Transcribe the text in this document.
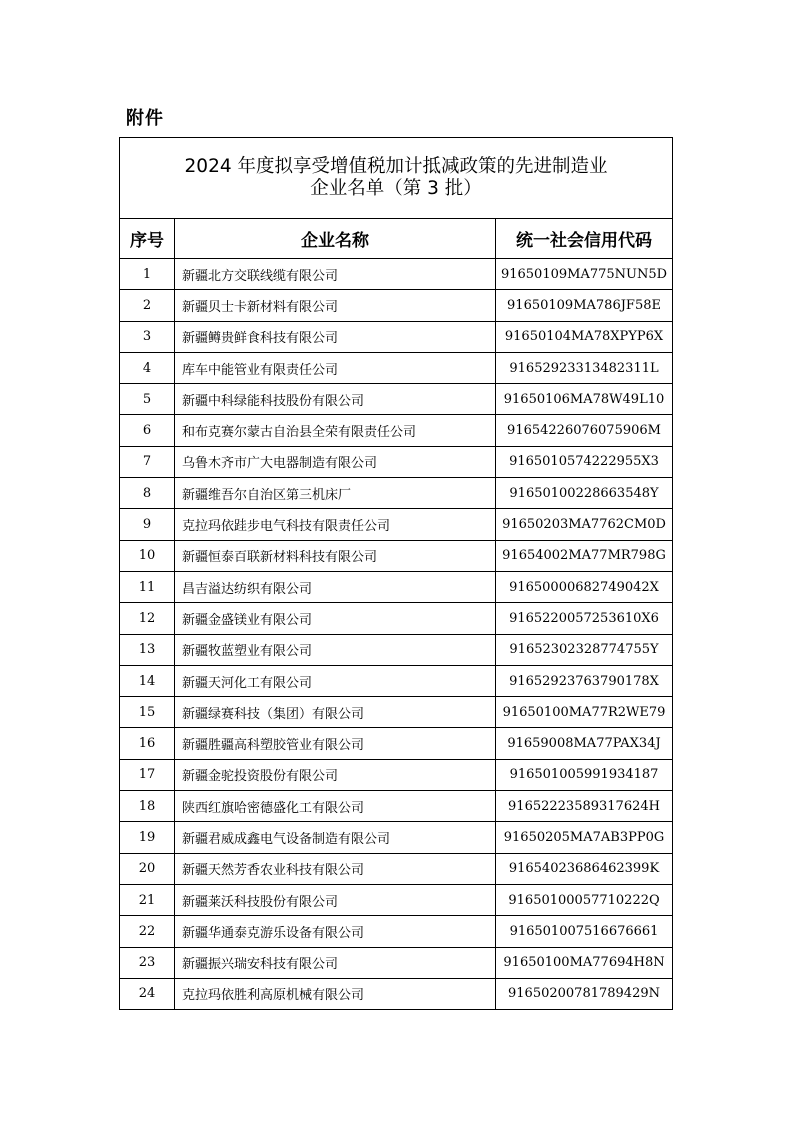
附件
2024 年度拟享受增值税加计抵减政策的先进制造业
企业名单（第 3 批）		

序号	企业名称	统一社会信用代码
1	新疆北方交联线缆有限公司	91650109MA775NUN5D
2	新疆贝士卡新材料有限公司	91650109MA786JF58E
3	新疆鳟贵鲜食科技有限公司	91650104MA78XPYP6X
4	库车中能管业有限责任公司	91652923313482311L
5	新疆中科绿能科技股份有限公司	91650106MA78W49L10
6	和布克赛尔蒙古自治县全荣有限责任公司	91654226076075906M
7	乌鲁木齐市广大电器制造有限公司	9165010574222955X3
8	新疆维吾尔自治区第三机床厂	91650100228663548Y
9	克拉玛依跬步电气科技有限责任公司	91650203MA7762CM0D
10	新疆恒泰百联新材料科技有限公司	91654002MA77MR798G
11	昌吉溢达纺织有限公司	9165000068274904​2X
12	新疆金盛镁业有限公司	9165220057253610X6
13	新疆牧蓝塑业有限公司	91652302328774755Y
14	新疆天河化工有限公司	91652923763790178X
15	新疆绿赛科技（集团）有限公司	91650100MA77R2WE79
16	新疆胜疆高科塑胶管业有限公司	91659008MA77PAX34J
17	新疆金驼投资股份有限公司	916501005991934187
18	陕西红旗哈密德盛化工有限公司	91652223589317624H
19	新疆君威成鑫电气设备制造有限公司	91650205MA7AB3PP0G
20	新疆天然芳香农业科技有限公司	91654023686462399K
21	新疆莱沃科技股份有限公司	91650100057710222Q
22	新疆华通泰克游乐设备有限公司	916501007516676661
23	新疆振兴瑞安科技有限公司	91650100MA77694H8N
24	克拉玛依胜利高原机械有限公司	91650200781789429N
